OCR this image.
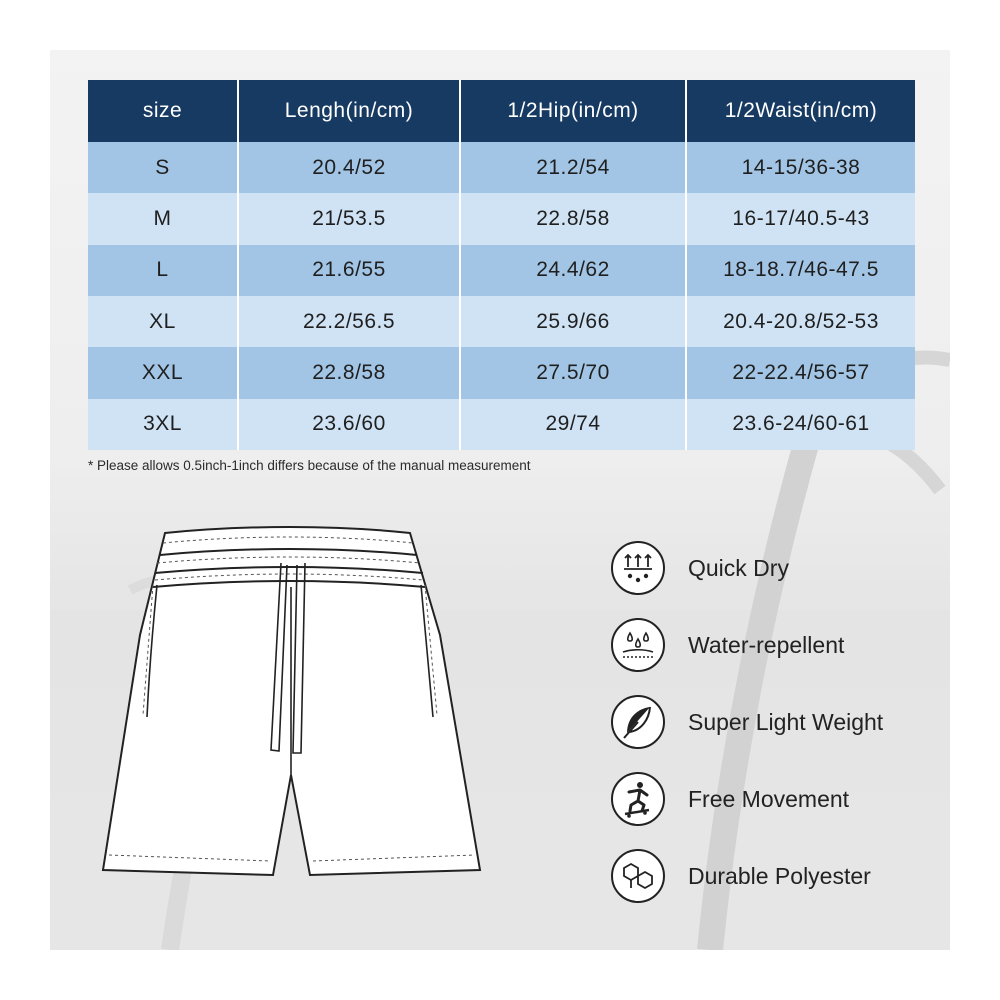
size	Lengh(in/cm)	1/2Hip(in/cm)	1/2Waist(in/cm)
S	20.4/52	21.2/54	14-15/36-38
M	21/53.5	22.8/58	16-17/40.5-43
L	21.6/55	24.4/62	18-18.7/46-47.5
XL	22.2/56.5	25.9/66	20.4-20.8/52-53
XXL	22.8/58	27.5/70	22-22.4/56-57
3XL	23.6/60	29/74	23.6-24/60-61
* Please allows 0.5inch-1inch differs because of the manual measurement
Quick Dry
Water-repellent
Super Light Weight
Free Movement
Durable Polyester
